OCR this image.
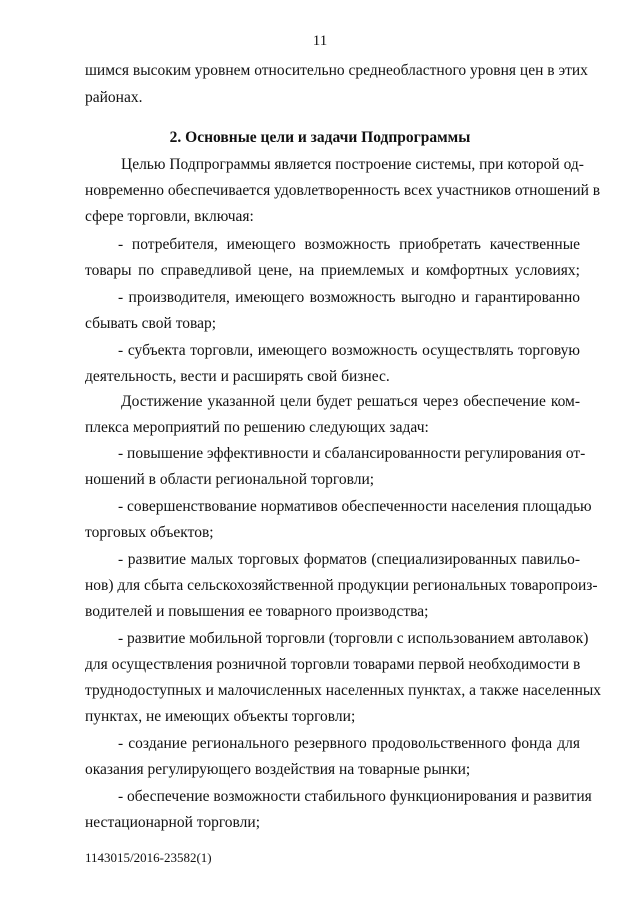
11
шимся высоким уровнем относительно среднеобластного уровня цен в этих
районах.
2. Основные цели и задачи Подпрограммы
Целью Подпрограммы является построение системы, при которой од-
новременно обеспечивается удовлетворенность всех участников отношений в
сфере торговли, включая:
- потребителя, имеющего возможность приобретать качественные
товары по справедливой цене, на приемлемых и комфортных условиях;
- производителя, имеющего возможность выгодно и гарантированно
сбывать свой товар;
- субъекта торговли, имеющего возможность осуществлять торговую
деятельность, вести и расширять свой бизнес.
Достижение указанной цели будет решаться через обеспечение ком-
плекса мероприятий по решению следующих задач:
- повышение эффективности и сбалансированности регулирования от-
ношений в области региональной торговли;
- совершенствование нормативов обеспеченности населения площадью
торговых объектов;
- развитие малых торговых форматов (специализированных павильо-
нов) для сбыта сельскохозяйственной продукции региональных товаропроиз-
водителей и повышения ее товарного производства;
- развитие мобильной торговли (торговли с использованием автолавок)
для осуществления розничной торговли товарами первой необходимости в
труднодоступных и малочисленных населенных пунктах, а также населенных
пунктах, не имеющих объекты торговли;
- создание регионального резервного продовольственного фонда для
оказания регулирующего воздействия на товарные рынки;
- обеспечение возможности стабильного функционирования и развития
нестационарной торговли;
1143015/2016-23582(1)
